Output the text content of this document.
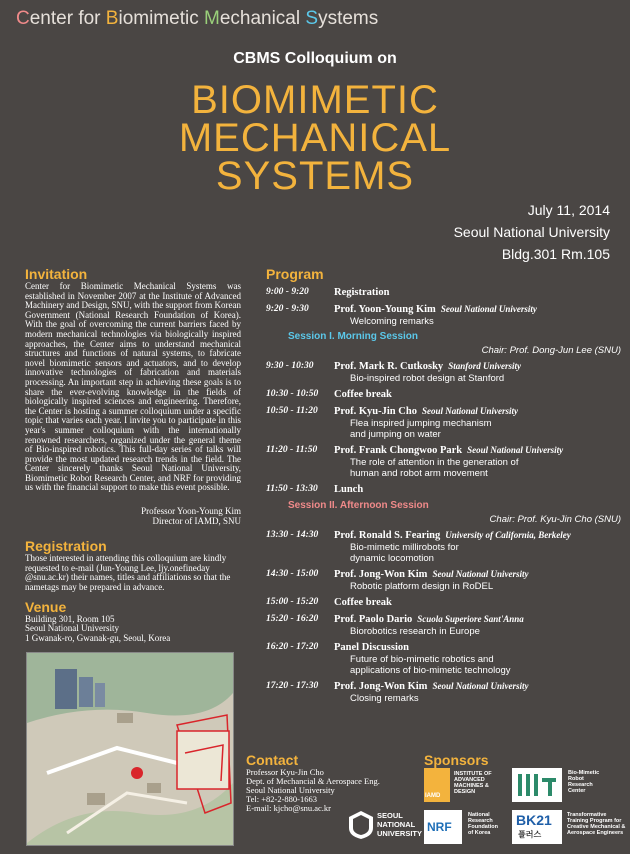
Center for Biomimetic Mechanical Systems
CBMS Colloquium on
BIOMIMETIC
MECHANICAL
SYSTEMS
July 11, 2014
Seoul National University
Bldg.301 Rm.105
Invitation
Center for Biomimetic Mechanical Systems was established in November 2007 at the Institute of Advanced Machinery and Design, SNU, with the support from Korean Government (National Research Foundation of Korea). With the goal of overcoming the current barriers faced by modern mechanical technologies via biologically inspired approaches, the Center aims to understand mechanical structures and functions of natural systems, to fabricate novel biomimetic sensors and actuators, and to develop innovative technologies of fabrication and materials processing. An important step in achieving these goals is to share the ever-evolving knowledge in the fields of biologically inspired sciences and engineering. Therefore, the Center is hosting a summer colloquium under a specific topic that varies each year. I invite you to participate in this year's summer colloquium with the internationally renowned researchers, organized under the general theme of Bio-inspired robotics. This full-day series of talks will provide the most updated research trends in the field. The Center sincerely thanks Seoul National University, Biomimetic Robot Research Center, and NRF for providing us with the financial support to make this event possible.
Professor Yoon-Young Kim
Director of IAMD, SNU
Registration
Those interested in attending this colloquium are kindly requested to e-mail (Jun-Young Lee, ljy.onefineday @snu.ac.kr) their names, titles and affiliations so that the nametags may be prepared in advance.
Venue
Building 301, Room 105
Seoul National University
1 Gwanak-ro, Gwanak-gu, Seoul, Korea
Program
9:00 - 9:20	Registration
9:20 - 9:30	Prof. Yoon-Young Kim Seoul National University
Welcoming remarks
Session I. Morning Session
Chair: Prof. Dong-Jun Lee (SNU)
9:30 - 10:30	Prof. Mark R. Cutkosky Stanford University
Bio-inspired robot design at Stanford
10:30 - 10:50	Coffee break
10:50 - 11:20	Prof. Kyu-Jin Cho Seoul National University
Flea inspired jumping mechanism
and jumping on water
11:20 - 11:50	Prof. Frank Chongwoo Park Seoul National University
The role of attention in the generation of
human and robot arm movement
11:50 - 13:30	Lunch
Session II. Afternoon Session
Chair: Prof. Kyu-Jin Cho (SNU)
13:30 - 14:30	Prof. Ronald S. Fearing University of California, Berkeley
Bio-mimetic millirobots for
dynamic locomotion
14:30 - 15:00	Prof. Jong-Won Kim Seoul National University
Robotic platform design in RoDEL
15:00 - 15:20	Coffee break
15:20 - 16:20	Prof. Paolo Dario Scuola Superiore Sant'Anna
Biorobotics research in Europe
16:20 - 17:20	Panel Discussion
Future of bio-mimetic robotics and
applications of bio-mimetic technology
17:20 - 17:30	Prof. Jong-Won Kim Seoul National University
Closing remarks
Contact
Professor Kyu-Jin Cho
Dept. of Mechancial & Aerospace Eng.
Seoul National University
Tel: +82-2-880-1663
E-mail: kjcho@snu.ac.kr
SEOUL
NATIONAL
UNIVERSITY
Sponsors
IAMD
INSTITUTE OF
ADVANCED
MACHINES &
DESIGN
Bio-Mimetic
Robot
Research
Center
NRF
National
Research
Foundation
of Korea
BK21
플러스
Transformative
Training Program for
Creative Mechanical &
Aerospace Engineers
